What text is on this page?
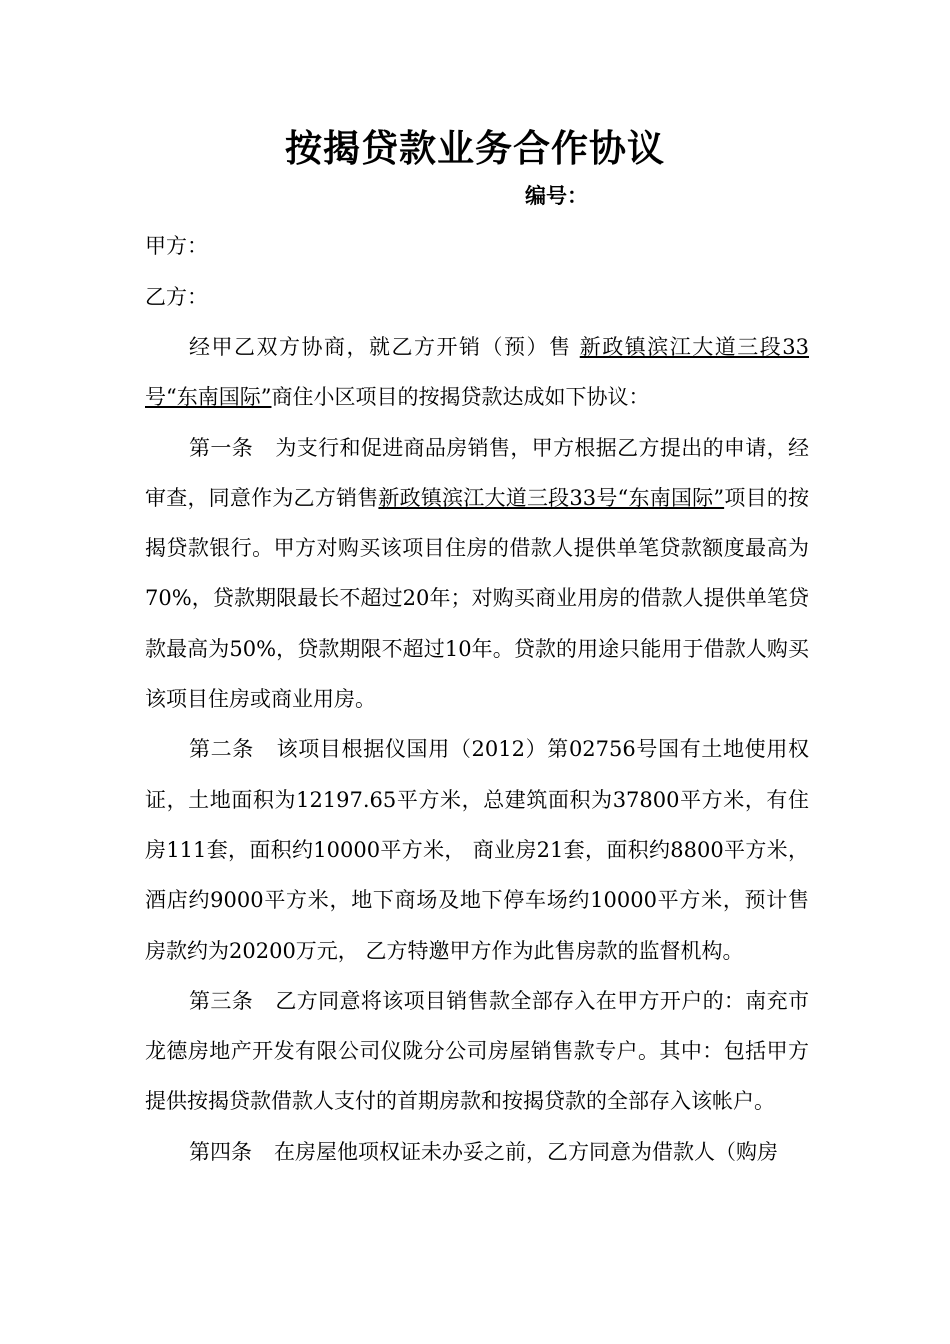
按揭贷款业务合作协议
编号：
甲方：
乙方：

经甲乙双方协商，就乙方开销（预）售 新政镇滨江大道三段33号“东南国际”商住小区项目的按揭贷款达成如下协议：

第一条 为支行和促进商品房销售，甲方根据乙方提出的申请，经审查，同意作为乙方销售新政镇滨江大道三段33号“东南国际”项目的按揭贷款银行。甲方对购买该项目住房的借款人提供单笔贷款额度最高为70%，贷款期限最长不超过20年；对购买商业用房的借款人提供单笔贷款最高为50%，贷款期限不超过10年。贷款的用途只能用于借款人购买该项目住房或商业用房。

第二条 该项目根据仪国用（2012）第02756号国有土地使用权证，土地面积为12197.65平方米，总建筑面积为37800平方米，有住房111套，面积约10000平方米， 商业房21套，面积约8800平方米，酒店约9000平方米，地下商场及地下停车场约10000平方米，预计售房款约为20200万元， 乙方特邀甲方作为此售房款的监督机构。

第三条 乙方同意将该项目销售款全部存入在甲方开户的：南充市龙德房地产开发有限公司仪陇分公司房屋销售款专户。其中：包括甲方提供按揭贷款借款人支付的首期房款和按揭贷款的全部存入该帐户。

第四条 在房屋他项权证未办妥之前，乙方同意为借款人（购房
